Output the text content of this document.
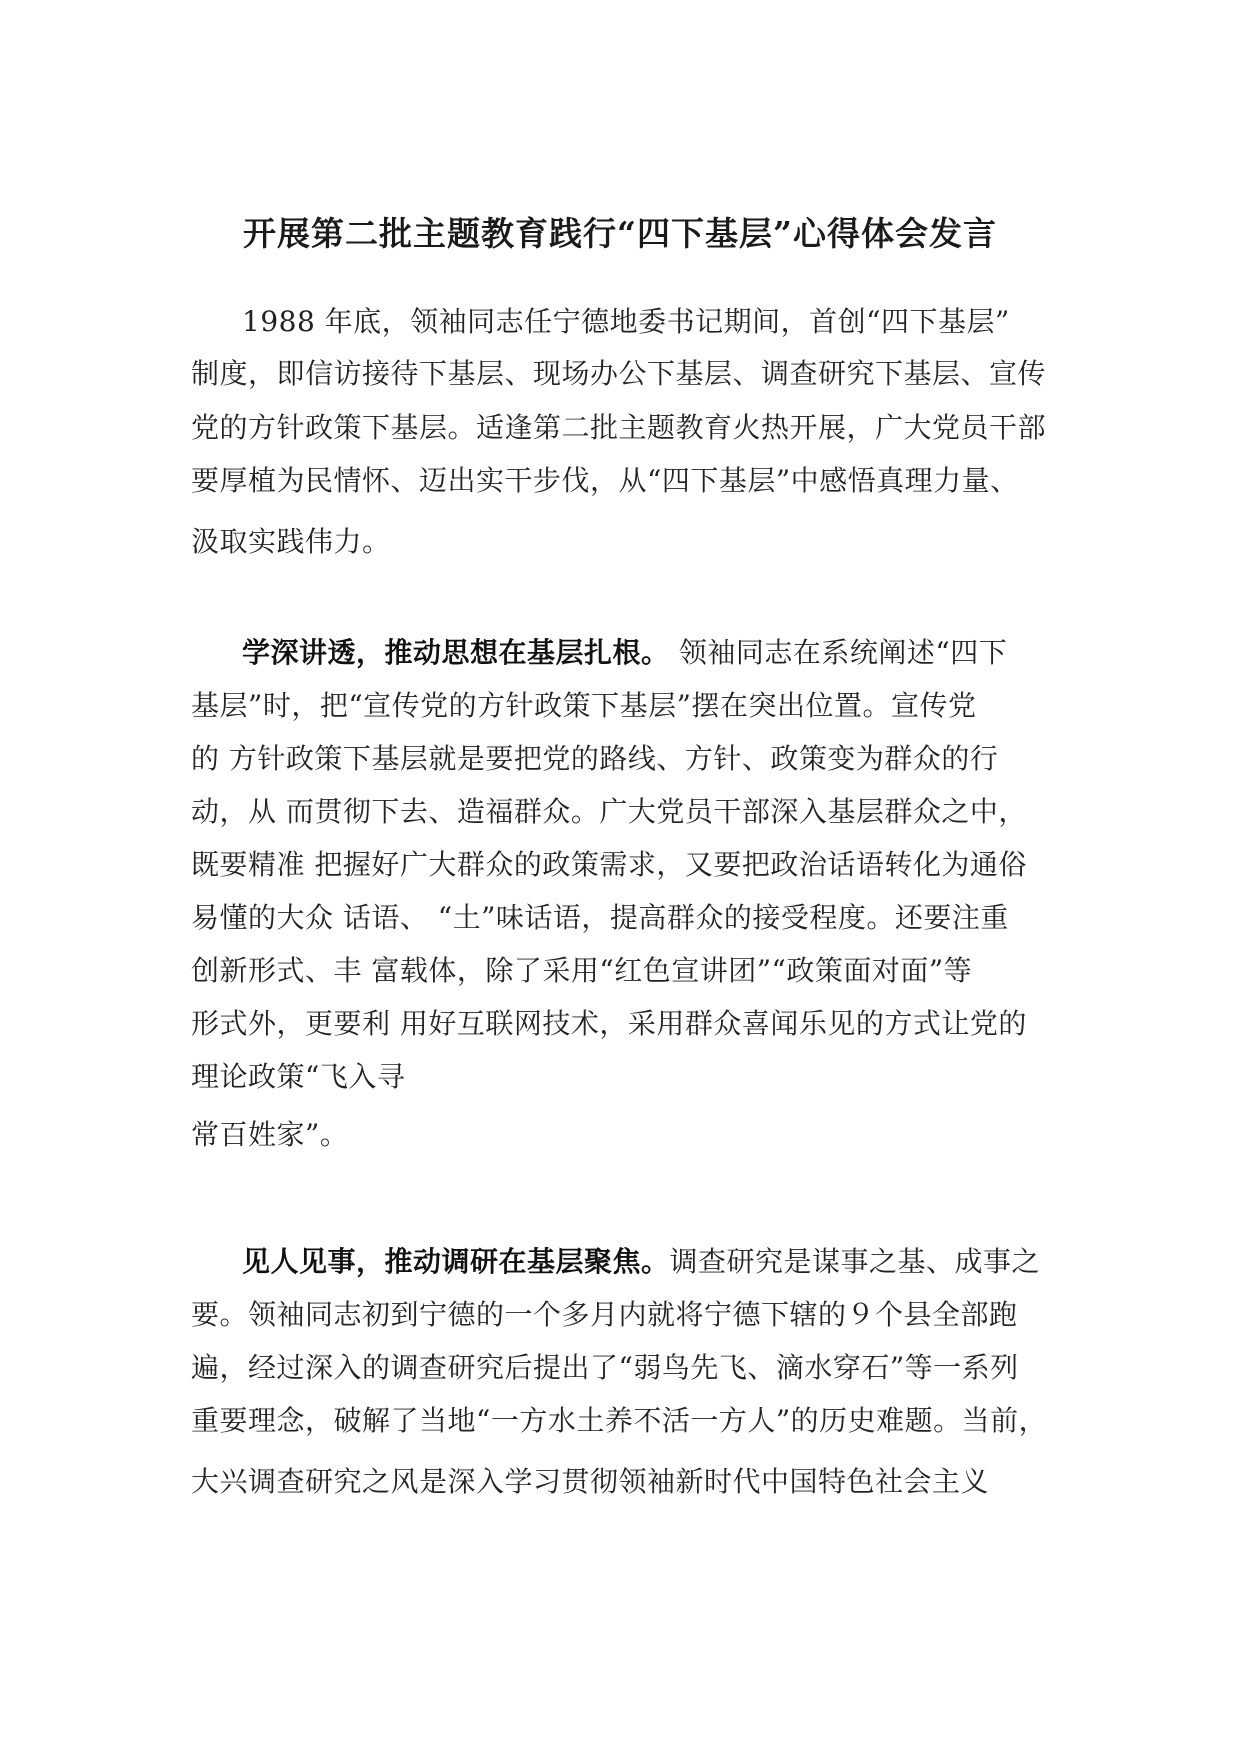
开展第二批主题教育践行“四下基层”心得体会发言
1988 年底，领袖同志任宁德地委书记期间，首创“四下基层”
制度，即信访接待下基层、现场办公下基层、调查研究下基层、宣传
党的方针政策下基层。适逢第二批主题教育火热开展，广大党员干部
要厚植为民情怀、迈出实干步伐，从“四下基层”中感悟真理力量、
汲取实践伟力。
学深讲透，推动思想在基层扎根。 领袖同志在系统阐述“四下
基层”时，把“宣传党的方针政策下基层”摆在突出位置。宣传党
的 方针政策下基层就是要把党的路线、方针、政策变为群众的行
动，从 而贯彻下去、造福群众。广大党员干部深入基层群众之中，
既要精准 把握好广大群众的政策需求，又要把政治话语转化为通俗
易懂的大众 话语、 “土”味话语，提高群众的接受程度。还要注重
创新形式、丰 富载体，除了采用“红色宣讲团”“政策面对面”等
形式外，更要利 用好互联网技术，采用群众喜闻乐见的方式让党的
理论政策“飞入寻
常百姓家”。
见人见事，推动调研在基层聚焦。调查研究是谋事之基、成事之
要。领袖同志初到宁德的一个多月内就将宁德下辖的９个县全部跑
遍，经过深入的调查研究后提出了“弱鸟先飞、滴水穿石”等一系列
重要理念，破解了当地“一方水土养不活一方人”的历史难题。当前，
大兴调查研究之风是深入学习贯彻领袖新时代中国特色社会主义
